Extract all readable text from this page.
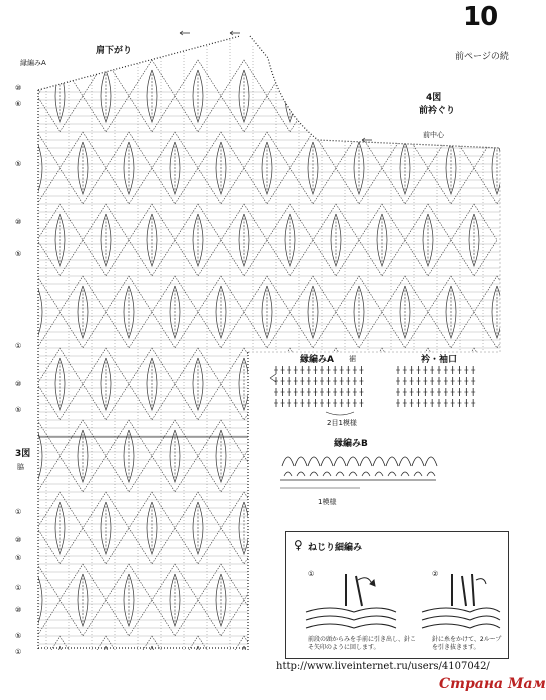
10
前ページの続
肩下がり
縁編みA
4図
前衿ぐり
前中心
3図
脇
⑩
⑥
⑤
⑩
⑤
①
⑩
⑤
①
⑩
⑤
①
⑩
⑤
①
縁編みA 裾
2目1模様
衿・袖口
縁編みB
1模様
♀ ねじり細編み
①	②
前段の頭からみを手前に引き出し、針こそ矢印のように回します。
針に糸をかけて、2ループを引き抜きます。
http://www.liveinternet.ru/users/4107042/
Страна Мам
